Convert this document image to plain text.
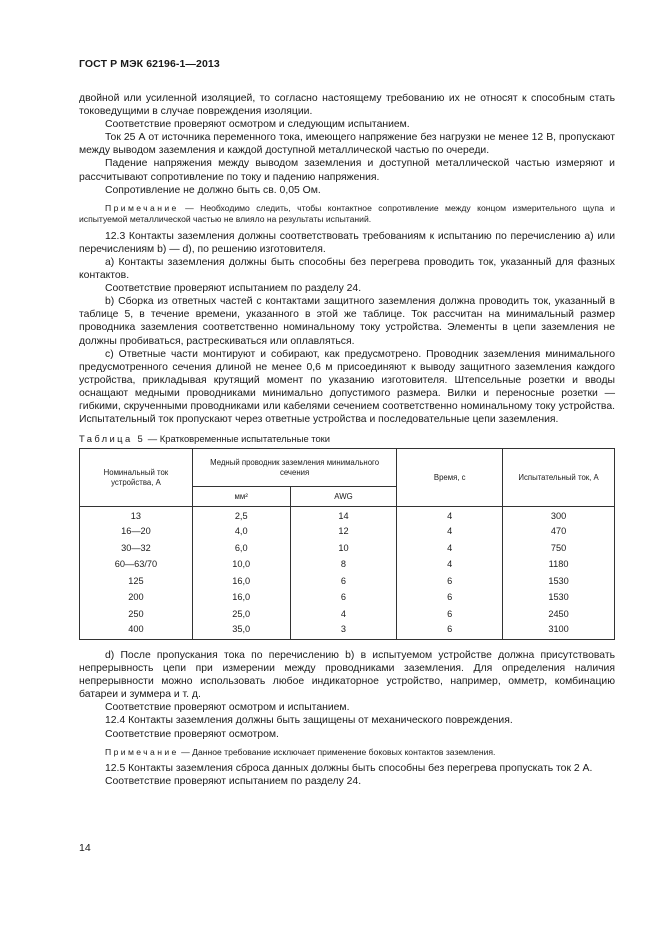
ГОСТ Р МЭК 62196-1—2013

двойной или усиленной изоляцией, то согласно настоящему требованию их не относят к способным стать токоведущими в случае повреждения изоляции.

Соответствие проверяют осмотром и следующим испытанием.

Ток 25 А от источника переменного тока, имеющего напряжение без нагрузки не менее 12 В, пропускают между выводом заземления и каждой доступной металлической частью по очереди.

Падение напряжения между выводом заземления и доступной металлической частью измеряют и рассчитывают сопротивление по току и падению напряжения.

Сопротивление не должно быть св. 0,05 Ом.

Примечание — Необходимо следить, чтобы контактное сопротивление между концом измерительного щупа и испытуемой металлической частью не влияло на результаты испытаний.

12.3 Контакты заземления должны соответствовать требованиям к испытанию по перечислению а) или перечислениям b) — d), по решению изготовителя.

а) Контакты заземления должны быть способны без перегрева проводить ток, указанный для фазных контактов.

Соответствие проверяют испытанием по разделу 24.

b) Сборка из ответных частей с контактами защитного заземления должна проводить ток, указанный в таблице 5, в течение времени, указанного в этой же таблице. Ток рассчитан на минимальный размер проводника заземления соответственно номинальному току устройства. Элементы в цепи заземления не должны пробиваться, растрескиваться или оплавляться.

с) Ответные части монтируют и собирают, как предусмотрено. Проводник заземления минимального предусмотренного сечения длиной не менее 0,6 м присоединяют к выводу защитного заземления каждого устройства, прикладывая крутящий момент по указанию изготовителя. Штепсельные розетки и вводы оснащают медными проводниками минимально допустимого размера. Вилки и переносные розетки — гибкими, скрученными проводниками или кабелями сечением соответственно номинальному току устройства. Испытательный ток пропускают через ответные устройства и последовательные цепи заземления.

Таблица 5 — Кратковременные испытательные токи

Номинальный ток устройства, А	Медный проводник заземления минимального сечения		Время, с	Испытательный ток, А
	мм²	AWG		
13	2,5	14	4	300
16—20	4,0	12	4	470
30—32	6,0	10	4	750
60—63/70	10,0	8	4	1180
125	16,0	6	6	1530
200	16,0	6	6	1530
250	25,0	4	6	2450
400	35,0	3	6	3100

d) После пропускания тока по перечислению b) в испытуемом устройстве должна присутствовать непрерывность цепи при измерении между проводниками заземления. Для определения наличия непрерывности можно использовать любое индикаторное устройство, например, омметр, комбинацию батареи и зуммера и т. д.

Соответствие проверяют осмотром и испытанием.

12.4 Контакты заземления должны быть защищены от механического повреждения.

Соответствие проверяют осмотром.

Примечание — Данное требование исключает применение боковых контактов заземления.

12.5 Контакты заземления сброса данных должны быть способны без перегрева пропускать ток 2 А.

Соответствие проверяют испытанием по разделу 24.

14
